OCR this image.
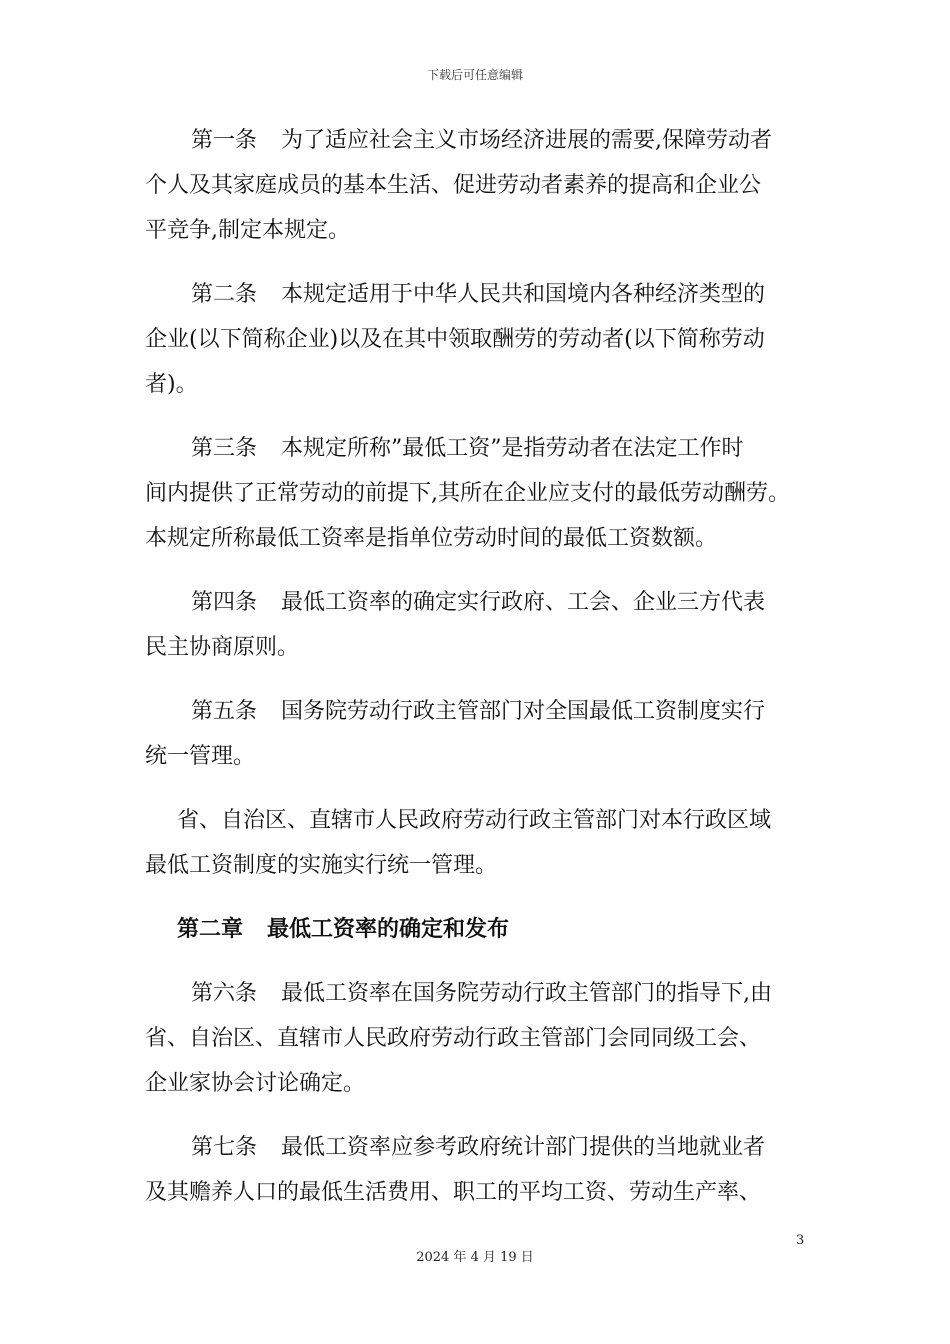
下载后可任意编辑
第一条 为了适应社会主义市场经济进展的需要,保障劳动者
个人及其家庭成员的基本生活、促进劳动者素养的提高和企业公
平竞争,制定本规定。
第二条 本规定适用于中华人民共和国境内各种经济类型的
企业(以下简称企业)以及在其中领取酬劳的劳动者(以下简称劳动
者)。
第三条 本规定所称”最低工资”是指劳动者在法定工作时
间内提供了正常劳动的前提下,其所在企业应支付的最低劳动酬劳。
本规定所称最低工资率是指单位劳动时间的最低工资数额。
第四条 最低工资率的确定实行政府、工会、企业三方代表
民主协商原则。
第五条 国务院劳动行政主管部门对全国最低工资制度实行
统一管理。
省、自治区、直辖市人民政府劳动行政主管部门对本行政区域
最低工资制度的实施实行统一管理。
第二章 最低工资率的确定和发布
第六条 最低工资率在国务院劳动行政主管部门的指导下,由
省、自治区、直辖市人民政府劳动行政主管部门会同同级工会、
企业家协会讨论确定。
第七条 最低工资率应参考政府统计部门提供的当地就业者
及其赡养人口的最低生活费用、职工的平均工资、劳动生产率、
3
2024 年 4 月 19 日
